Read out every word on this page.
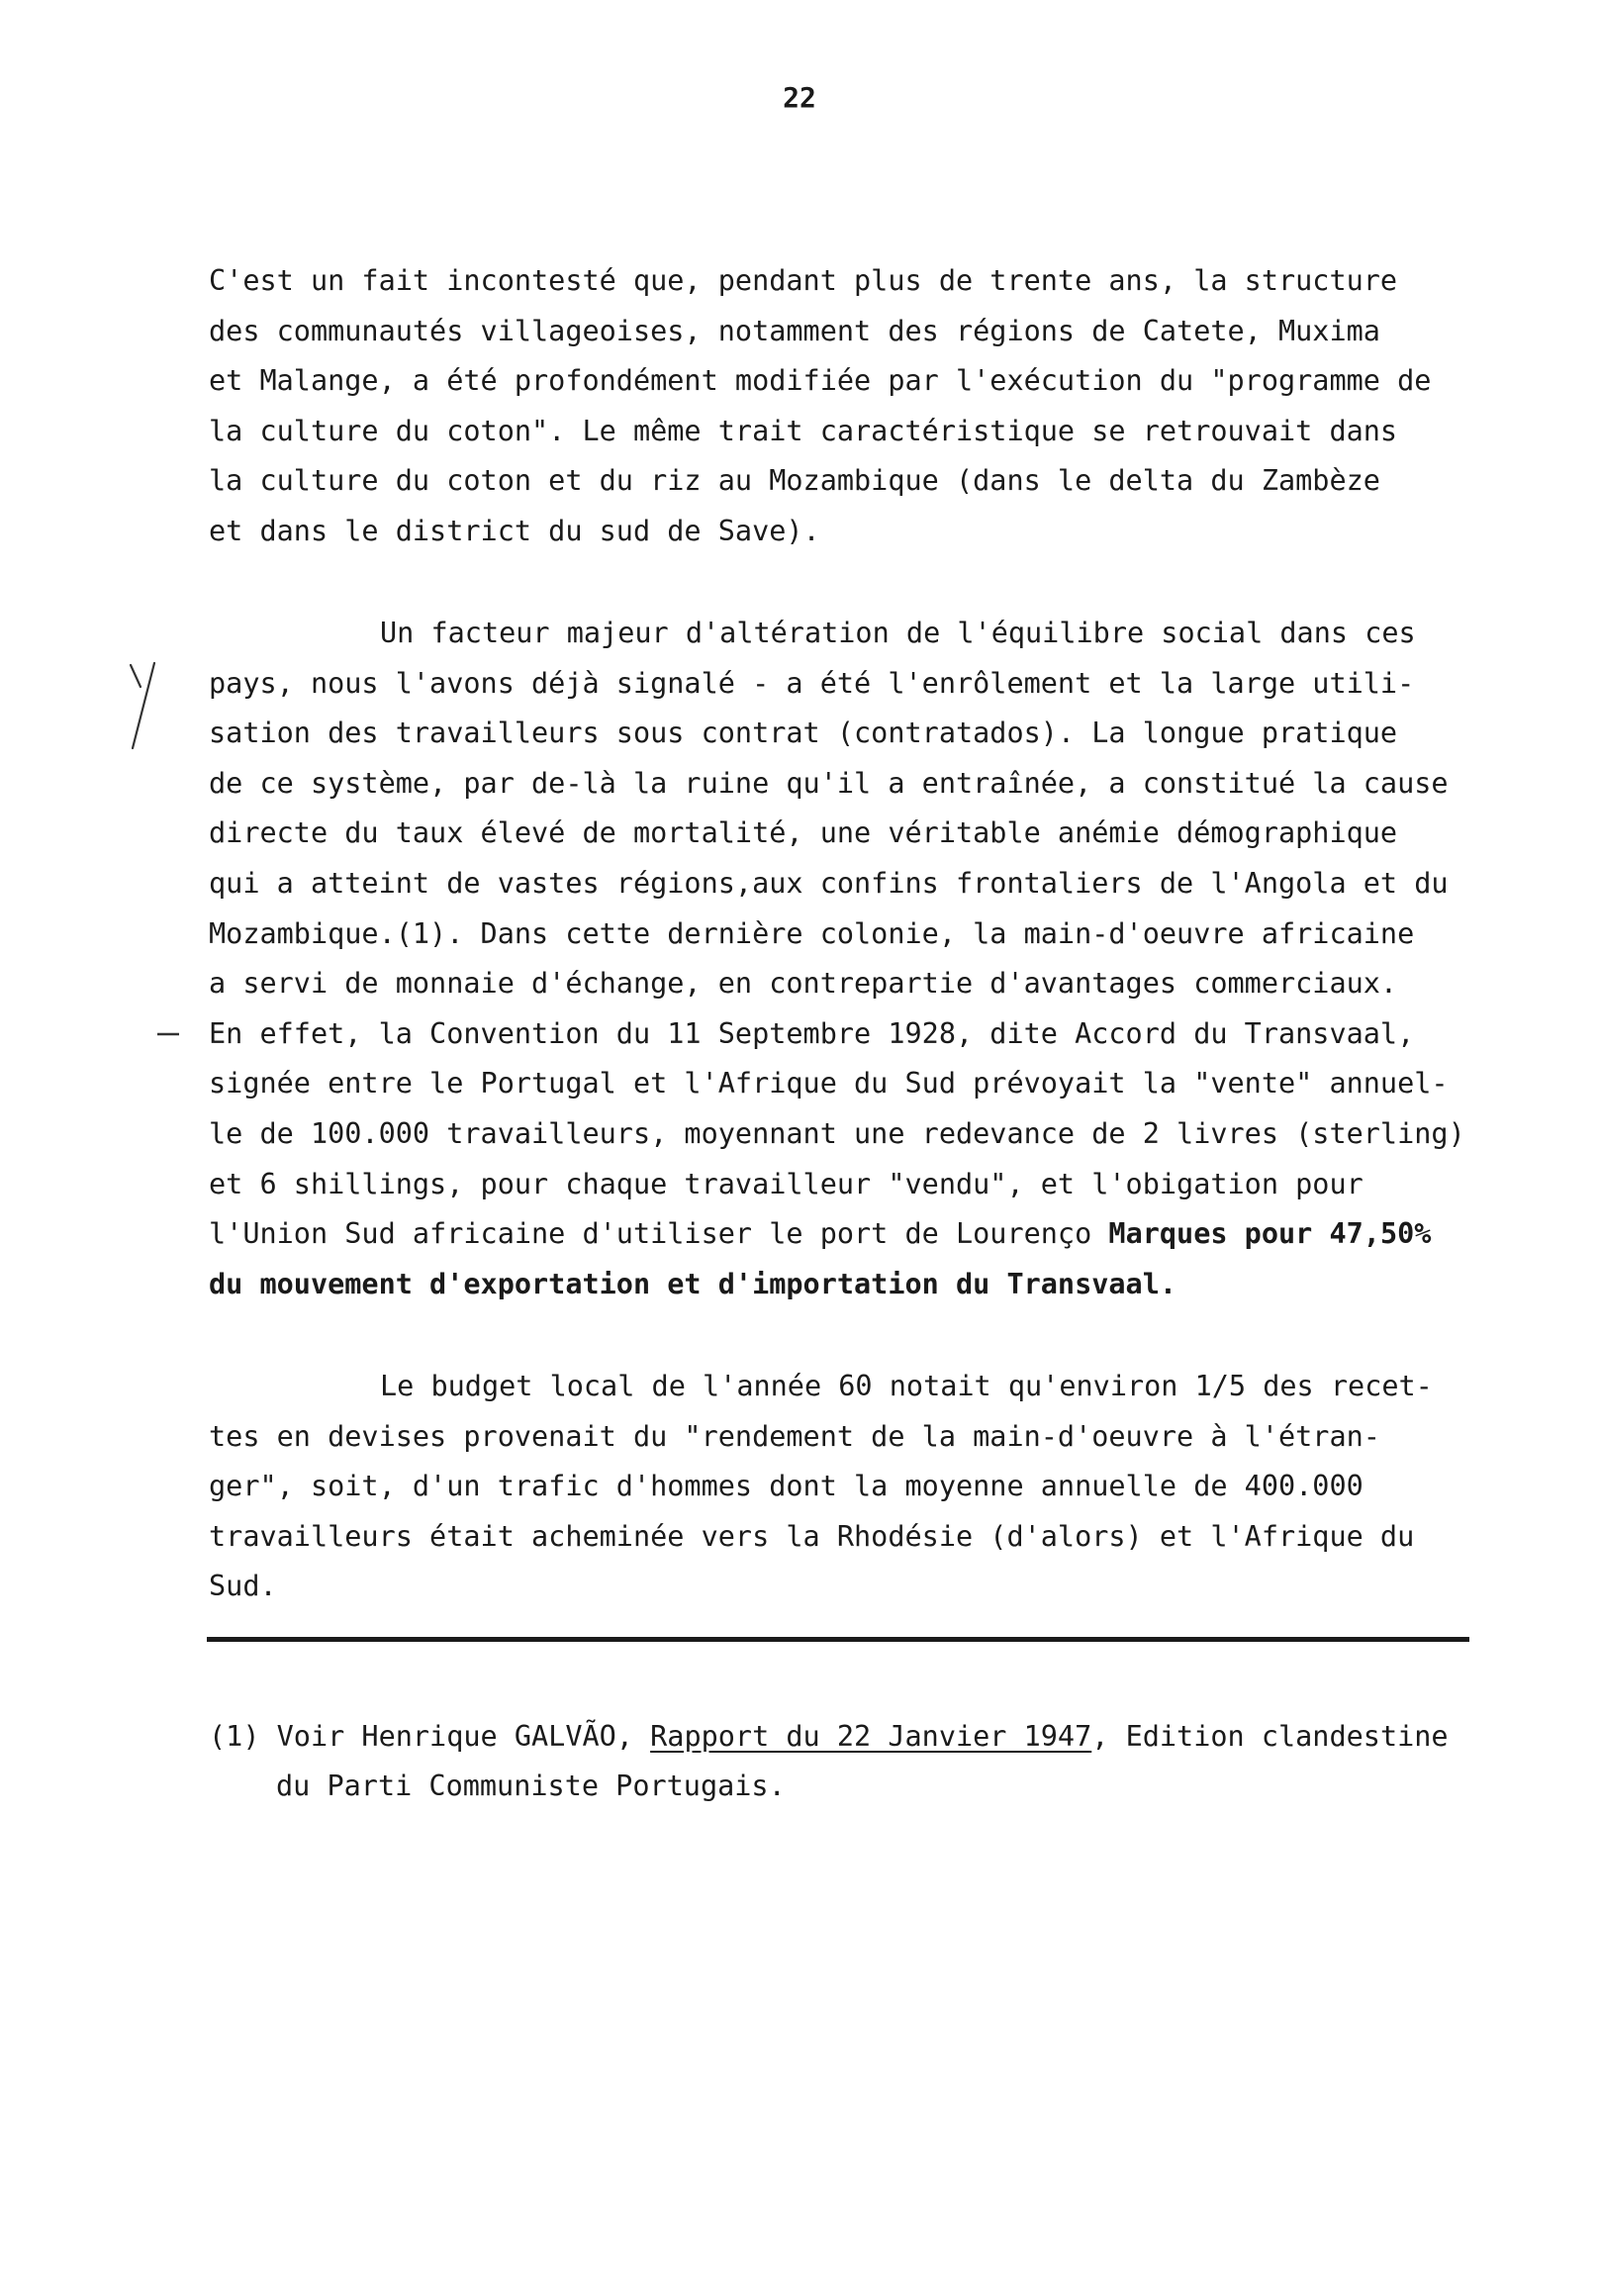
22
C'est un fait incontesté que, pendant plus de trente ans, la structure
des communautés villageoises, notamment des régions de Catete, Muxima
et Malange, a été profondément modifiée par l'exécution du "programme de
la culture du coton". Le même trait caractéristique se retrouvait dans
la culture du coton et du riz au Mozambique (dans le delta du Zambèze
et dans le district du sud de Save).
Un facteur majeur d'altération de l'équilibre social dans ces
pays, nous l'avons déjà signalé - a été l'enrôlement et la large utili-
sation des travailleurs sous contrat (contratados). La longue pratique
de ce système, par de-là la ruine qu'il a entraînée, a constitué la cause
directe du taux élevé de mortalité, une véritable anémie démographique
qui a atteint de vastes régions,aux confins frontaliers de l'Angola et du
Mozambique.(1). Dans cette dernière colonie, la main-d'oeuvre africaine
a servi de monnaie d'échange, en contrepartie d'avantages commerciaux.
En effet, la Convention du 11 Septembre 1928, dite Accord du Transvaal,
signée entre le Portugal et l'Afrique du Sud prévoyait la "vente" annuel-
le de 100.000 travailleurs, moyennant une redevance de 2 livres (sterling)
et 6 shillings, pour chaque travailleur "vendu", et l'obigation pour
l'Union Sud africaine d'utiliser le port de Lourenço Marques pour 47,50%
du mouvement d'exportation et d'importation du Transvaal.
Le budget local de l'année 60 notait qu'environ 1/5 des recet-
tes en devises provenait du "rendement de la main-d'oeuvre à l'étran-
ger", soit, d'un trafic d'hommes dont la moyenne annuelle de 400.000
travailleurs était acheminée vers la Rhodésie (d'alors) et l'Afrique du
Sud.
(1) Voir Henrique GALVÃO, Rapport du 22 Janvier 1947, Edition clandestine
du Parti Communiste Portugais.
